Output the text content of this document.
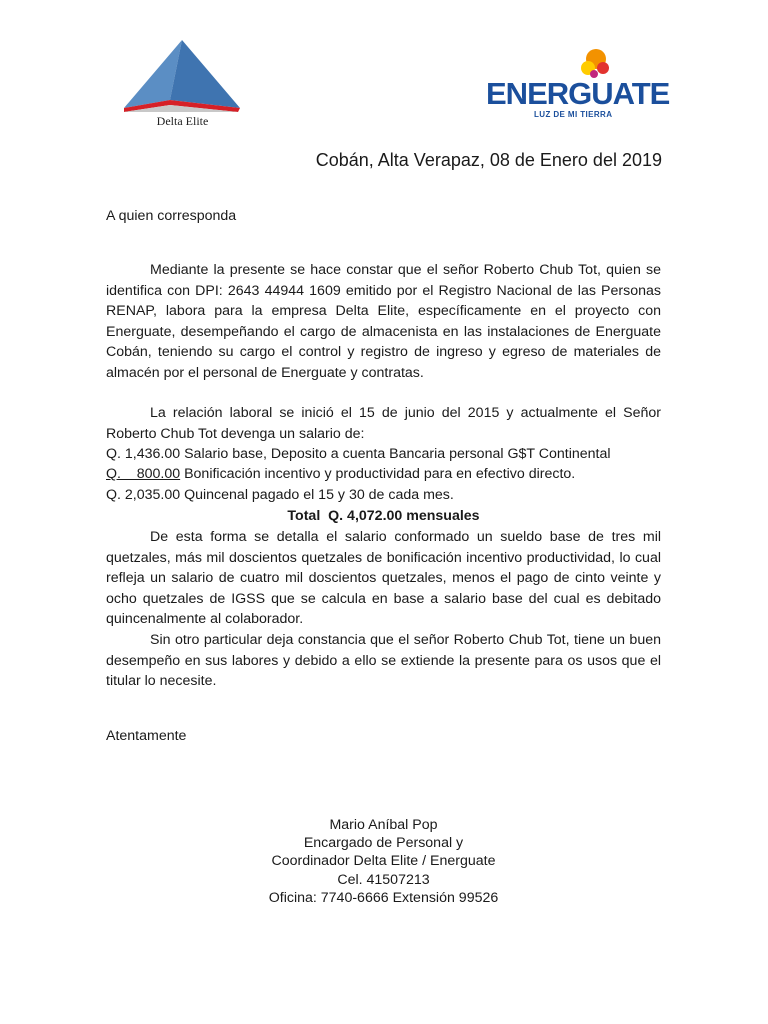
Delta Elite
ENERGUATE
LUZ DE MI TIERRA
Cobán, Alta Verapaz, 08 de Enero del 2019
A quien corresponda

Mediante la presente se hace constar que el señor Roberto Chub Tot, quien se identifica con DPI: 2643 44944 1609 emitido por el Registro Nacional de las Personas RENAP, labora para la empresa Delta Elite, específicamente en el proyecto con Energuate, desempeñando el cargo de almacenista en las instalaciones de Energuate Cobán, teniendo su cargo el control y registro de ingreso y egreso de materiales de almacén por el personal de Energuate y contratas.

La relación laboral se inició el 15 de junio del 2015 y actualmente el Señor Roberto Chub Tot devenga un salario de:

Q. 1,436.00 Salario base, Deposito a cuenta Bancaria personal G$T Continental
Q.    800.00 Bonificación incentivo y productividad para en efectivo directo.
Q. 2,035.00 Quincenal pagado el 15 y 30 de cada mes.
Total  Q. 4,072.00 mensuales

De esta forma se detalla el salario conformado un sueldo base de tres mil quetzales, más mil doscientos quetzales de bonificación incentivo productividad, lo cual refleja un salario de cuatro mil doscientos quetzales, menos el pago de cinto veinte y ocho quetzales de IGSS que se calcula en base a salario base del cual es debitado quincenalmente al colaborador.

Sin otro particular deja constancia que el señor Roberto Chub Tot, tiene un buen desempeño en sus labores y debido a ello se extiende la presente para os usos que el titular lo necesite.

Atentamente
Mario Aníbal Pop
Encargado de Personal y
Coordinador Delta Elite / Energuate
Cel. 41507213
Oficina: 7740-6666 Extensión 99526
